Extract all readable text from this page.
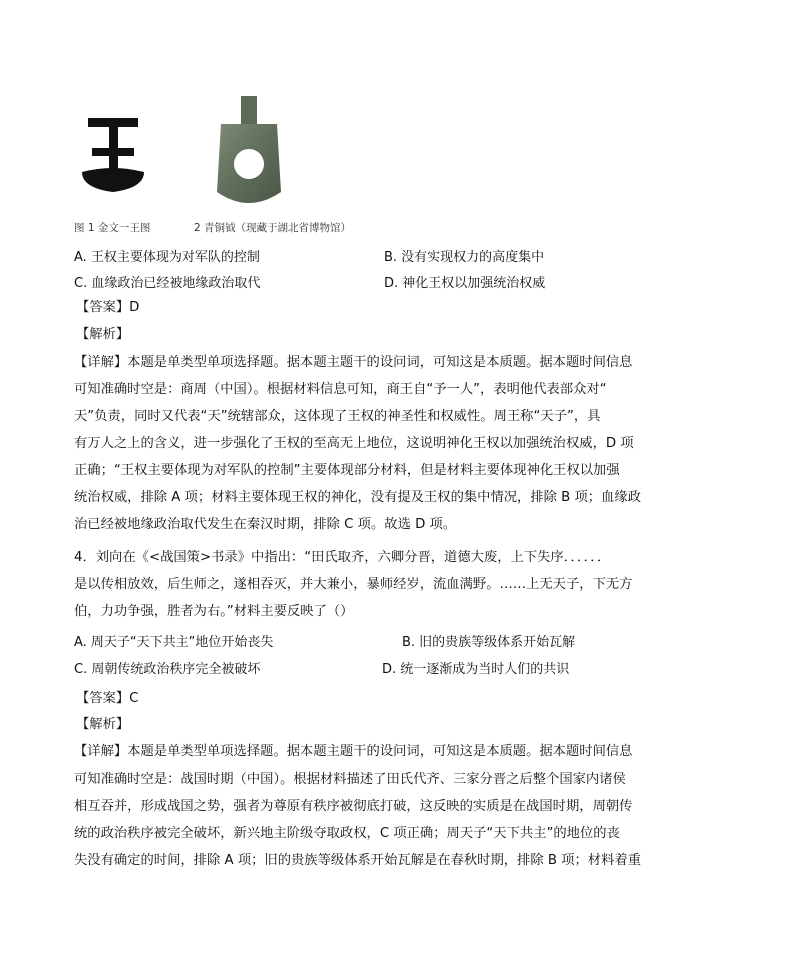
图 1 金文一王图	2 青铜钺（现藏于湖北省博物馆）
A. 王权主要体现为对军队的控制	B. 没有实现权力的高度集中
C. 血缘政治已经被地缘政治取代	D. 神化王权以加强统治权威
【答案】D
【解析】
【详解】本题是单类型单项选择题。据本题主题干的设问词，可知这是本质题。据本题时间信息
可知准确时空是：商周（中国）。根据材料信息可知，商王自“予一人”，表明他代表部众对“
天”负责，同时又代表“天”统辖部众，这体现了王权的神圣性和权威性。周王称“天子”，具
有万人之上的含义，进一步强化了王权的至高无上地位，这说明神化王权以加强统治权威，D 项
正确；“王权主要体现为对军队的控制”主要体现部分材料，但是材料主要体现神化王权以加强
统治权威，排除 A 项；材料主要体现王权的神化，没有提及王权的集中情况，排除 B 项；血缘政
治已经被地缘政治取代发生在秦汉时期，排除 C 项。故选 D 项。
4．刘向在《<战国策>书录》中指出：“田氏取齐，六卿分晋，道德大废，上下失序．．．．．．
是以传相放效，后生师之，遂相吞灭，并大兼小，暴师经岁，流血满野。……上无天子，下无方
伯，力功争强，胜者为右。”材料主要反映了（）
A. 周天子“天下共主”地位开始丧失	B. 旧的贵族等级体系开始瓦解
C. 周朝传统政治秩序完全被破坏	D. 统一逐渐成为当时人们的共识
【答案】C
【解析】
【详解】本题是单类型单项选择题。据本题主题干的设问词，可知这是本质题。据本题时间信息
可知准确时空是：战国时期（中国）。根据材料描述了田氏代齐、三家分晋之后整个国家内诸侯
相互吞并，形成战国之势，强者为尊原有秩序被彻底打破，这反映的实质是在战国时期，周朝传
统的政治秩序被完全破坏，新兴地主阶级夺取政权，C 项正确；周天子“天下共主”的地位的丧
失没有确定的时间，排除 A 项；旧的贵族等级体系开始瓦解是在春秋时期，排除 B 项；材料着重
